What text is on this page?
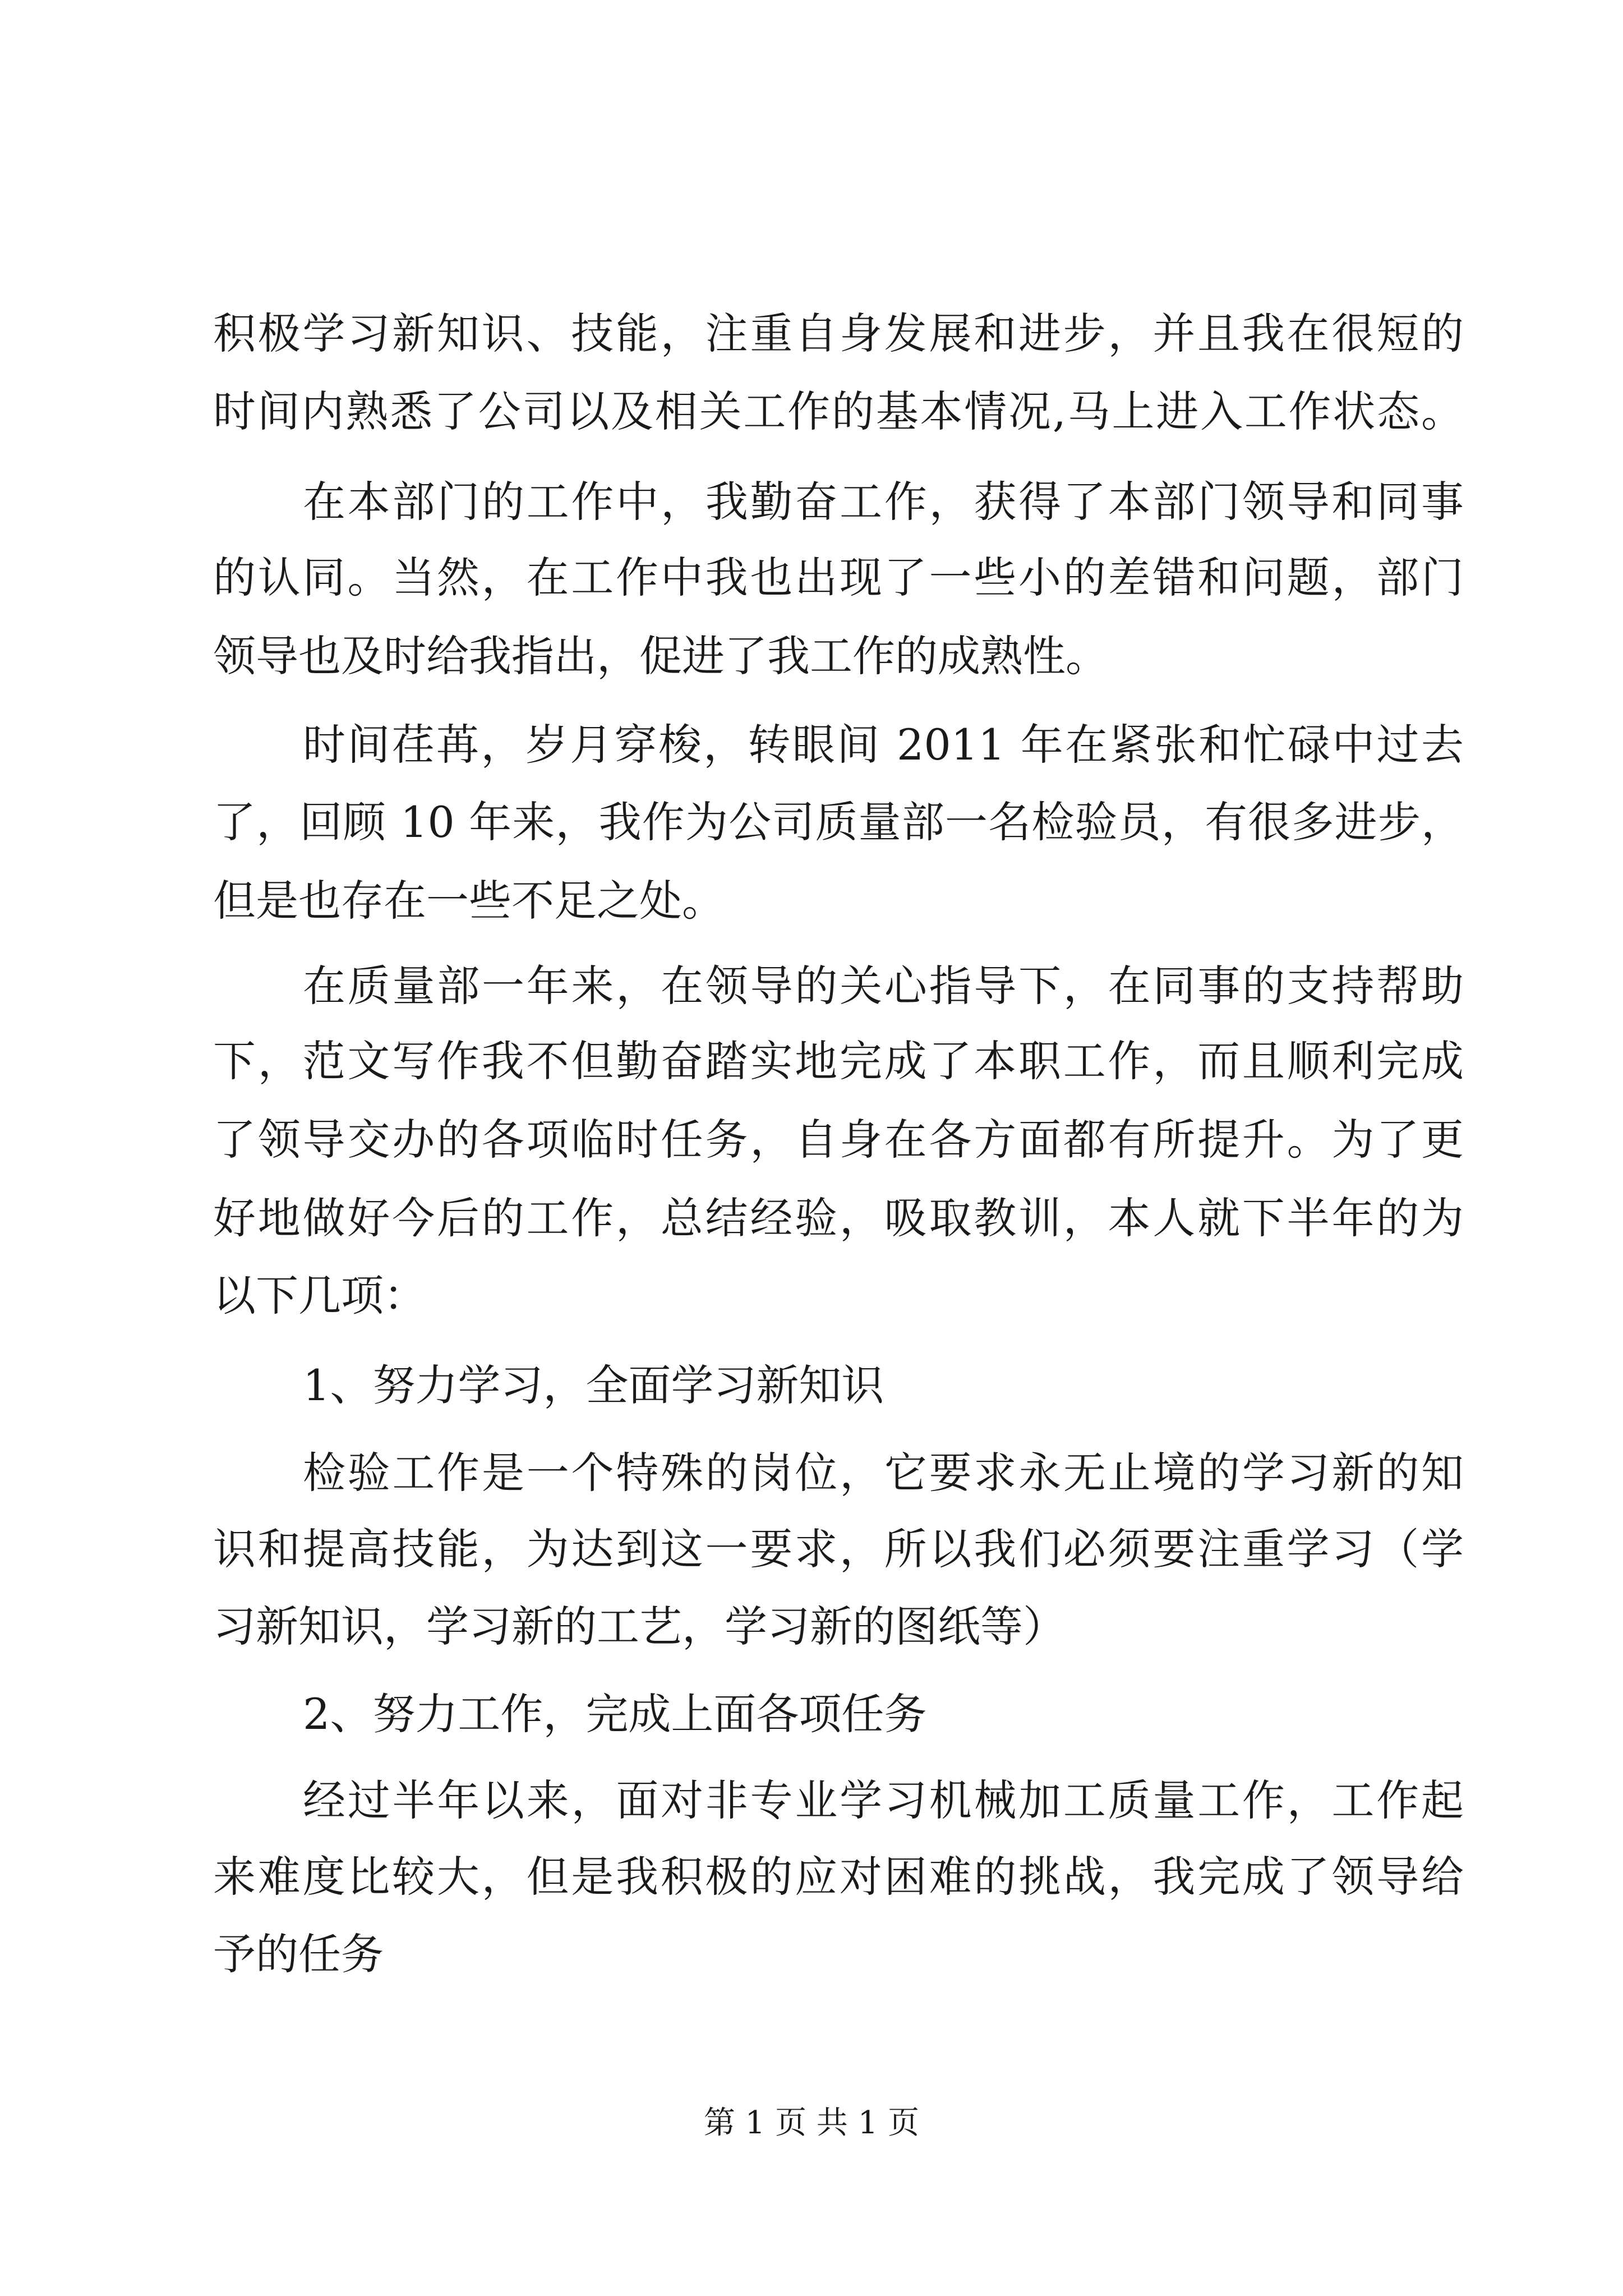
积极学习新知识、技能，注重自身发展和进步，并且我在很短的
时间内熟悉了公司以及相关工作的基本情况,马上进入工作状态。
在本部门的工作中，我勤奋工作，获得了本部门领导和同事
的认同。当然，在工作中我也出现了一些小的差错和问题，部门
领导也及时给我指出，促进了我工作的成熟性。
时间荏苒，岁月穿梭，转眼间 2011 年在紧张和忙碌中过去
了，回顾 10 年来，我作为公司质量部一名检验员，有很多进步，
但是也存在一些不足之处。
在质量部一年来，在领导的关心指导下，在同事的支持帮助
下，范文写作我不但勤奋踏实地完成了本职工作，而且顺利完成
了领导交办的各项临时任务，自身在各方面都有所提升。为了更
好地做好今后的工作，总结经验，吸取教训，本人就下半年的为
以下几项：
1、努力学习，全面学习新知识
检验工作是一个特殊的岗位，它要求永无止境的学习新的知
识和提高技能，为达到这一要求，所以我们必须要注重学习（学
习新知识，学习新的工艺，学习新的图纸等）
2、努力工作，完成上面各项任务
经过半年以来，面对非专业学习机械加工质量工作，工作起
来难度比较大，但是我积极的应对困难的挑战，我完成了领导给
予的任务
第 1 页 共 1 页
